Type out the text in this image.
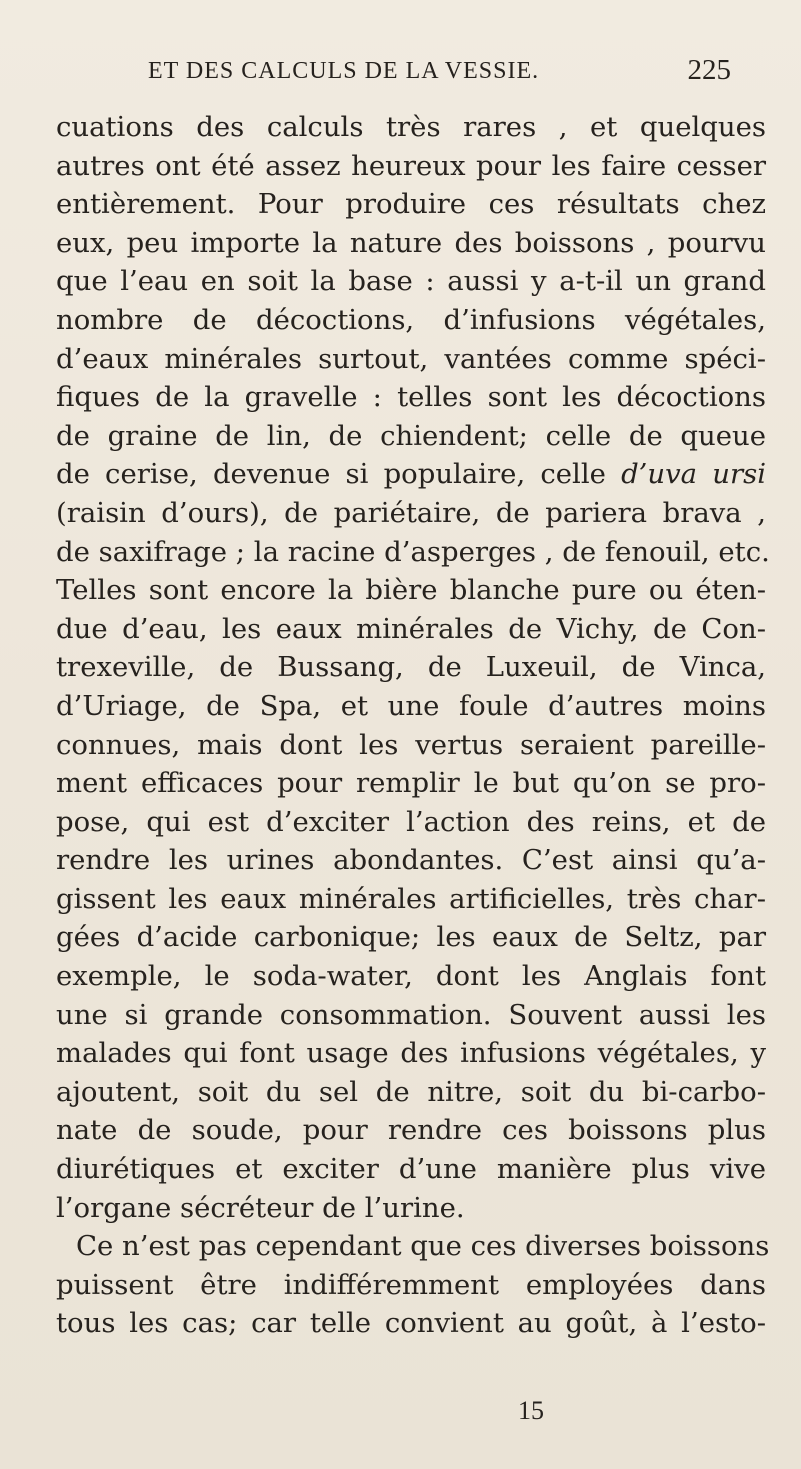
ET DES CALCULS DE LA VESSIE.	225
cuations des calculs très rares , et quelques
autres ont été assez heureux pour les faire cesser
entièrement. Pour produire ces résultats chez
eux, peu importe la nature des boissons , pourvu
que l’eau en soit la base : aussi y a-t-il un grand
nombre de décoctions, d’infusions végétales,
d’eaux minérales surtout, vantées comme spéci-
fiques de la gravelle : telles sont les décoctions
de graine de lin, de chiendent; celle de queue
de cerise, devenue si populaire, celle d’uva ursi
(raisin d’ours), de pariétaire, de pariera brava ,
de saxifrage ; la racine d’asperges , de fenouil, etc.
Telles sont encore la bière blanche pure ou éten-
due d’eau, les eaux minérales de Vichy, de Con-
trexeville, de Bussang, de Luxeuil, de Vinca,
d’Uriage, de Spa, et une foule d’autres moins
connues, mais dont les vertus seraient pareille-
ment efficaces pour remplir le but qu’on se pro-
pose, qui est d’exciter l’action des reins, et de
rendre les urines abondantes. C’est ainsi qu’a-
gissent les eaux minérales artificielles, très char-
gées d’acide carbonique; les eaux de Seltz, par
exemple, le soda-water, dont les Anglais font
une si grande consommation. Souvent aussi les
malades qui font usage des infusions végétales, y
ajoutent, soit du sel de nitre, soit du bi-carbo-
nate de soude, pour rendre ces boissons plus
diurétiques et exciter d’une manière plus vive
l’organe sécréteur de l’urine.
Ce n’est pas cependant que ces diverses boissons
puissent être indifféremment employées dans
tous les cas; car telle convient au goût, à l’esto-
15
